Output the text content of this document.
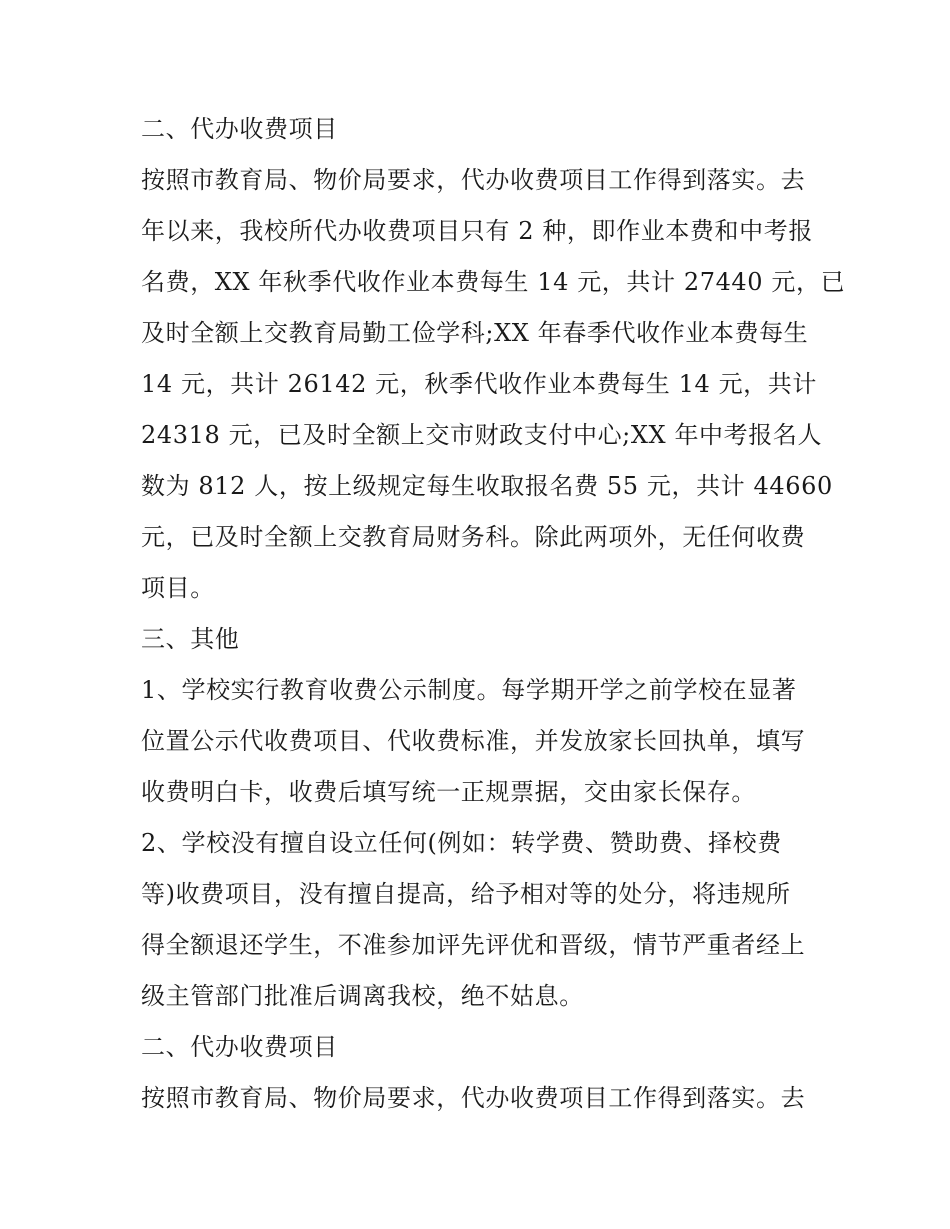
二、代办收费项目
按照市教育局、物价局要求，代办收费项目工作得到落实。去
年以来，我校所代办收费项目只有 2 种，即作业本费和中考报
名费，XX 年秋季代收作业本费每生 14 元，共计 27440 元，已
及时全额上交教育局勤工俭学科;XX 年春季代收作业本费每生
14 元，共计 26142 元，秋季代收作业本费每生 14 元，共计
24318 元，已及时全额上交市财政支付中心;XX 年中考报名人
数为 812 人，按上级规定每生收取报名费 55 元，共计 44660
元，已及时全额上交教育局财务科。除此两项外，无任何收费
项目。
三、其他
1、学校实行教育收费公示制度。每学期开学之前学校在显著
位置公示代收费项目、代收费标准，并发放家长回执单，填写
收费明白卡，收费后填写统一正规票据，交由家长保存。
2、学校没有擅自设立任何(例如：转学费、赞助费、择校费
等)收费项目，没有擅自提高，给予相对等的处分，将违规所
得全额退还学生，不准参加评先评优和晋级，情节严重者经上
级主管部门批准后调离我校，绝不姑息。
二、代办收费项目
按照市教育局、物价局要求，代办收费项目工作得到落实。去
